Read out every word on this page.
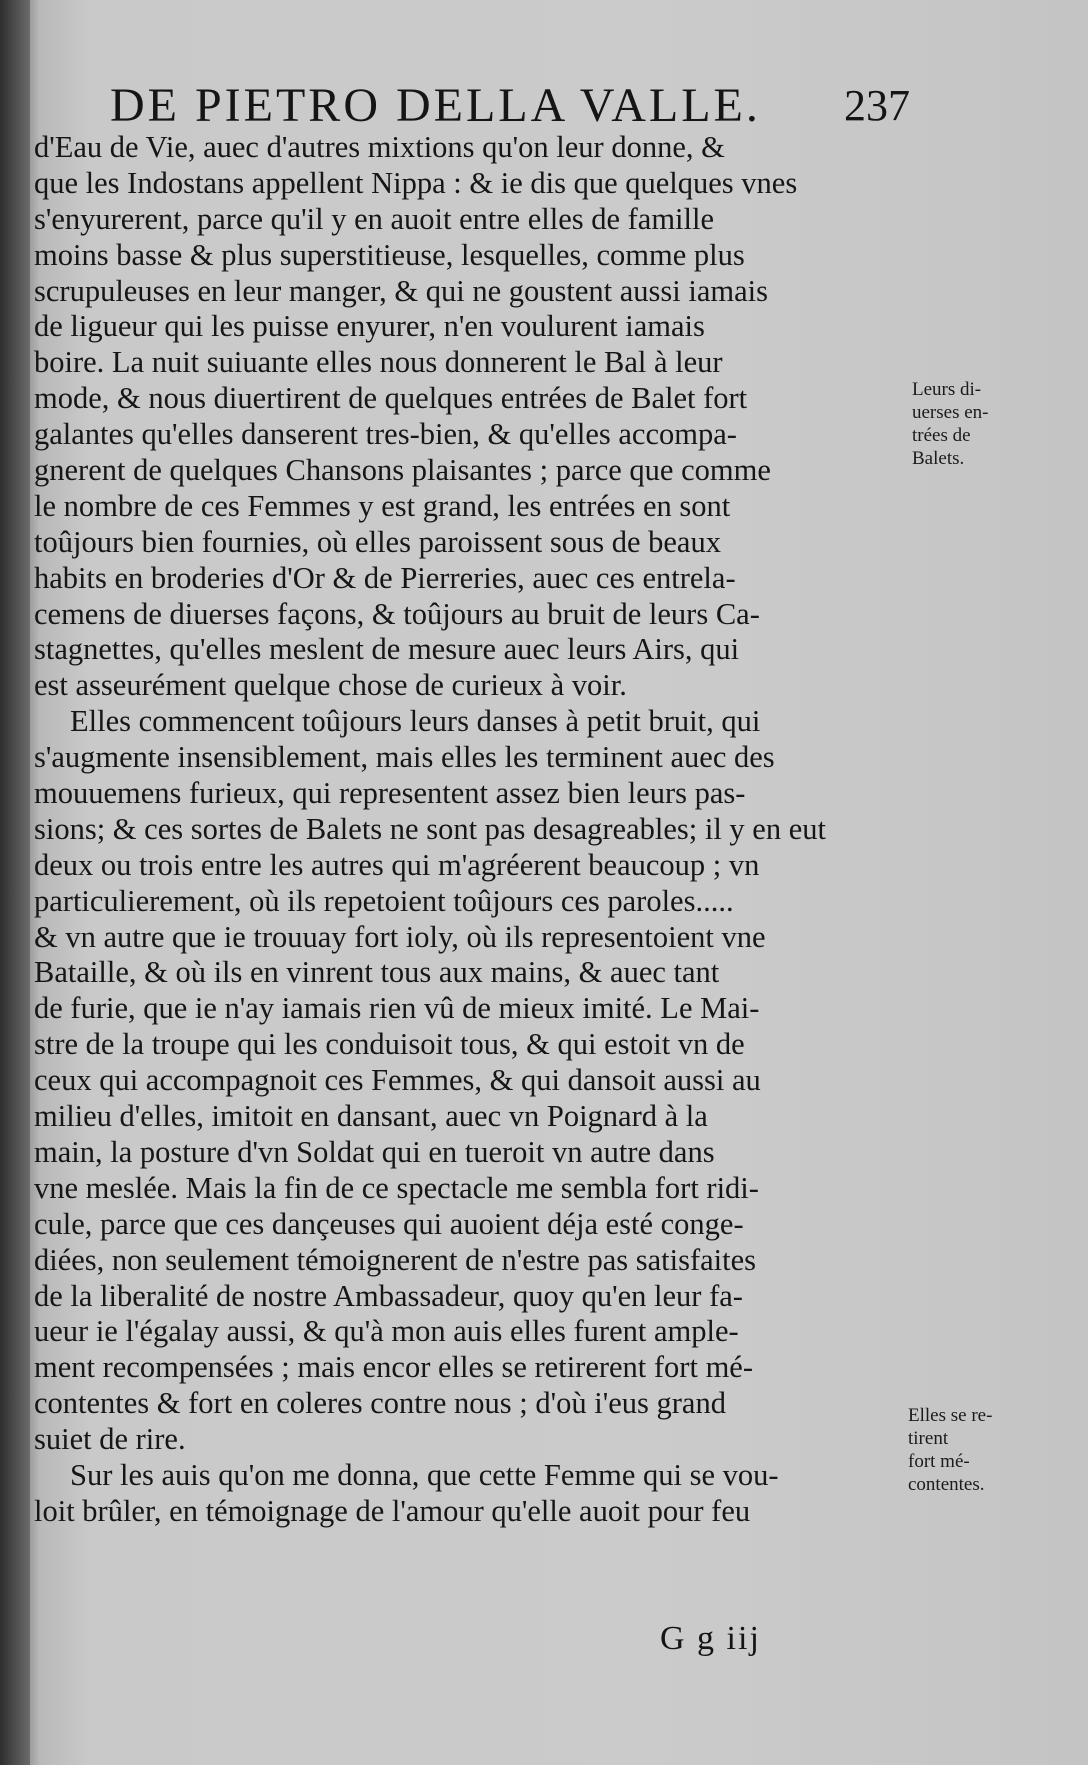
DE PIETRO DELLA VALLE. 237
d'Eau de Vie, auec d'autres mixtions qu'on leur donne, &
que les Indostans appellent Nippa : & ie dis que quelques vnes
s'enyurerent, parce qu'il y en auoit entre elles de famille
moins basse & plus superstitieuse, lesquelles, comme plus
scrupuleuses en leur manger, & qui ne goustent aussi iamais
de ligueur qui les puisse enyurer, n'en voulurent iamais
boire. La nuit suiuante elles nous donnerent le Bal à leur
mode, & nous diuertirent de quelques entrées de Balet fort
galantes qu'elles danserent tres-bien, & qu'elles accompa-
gnerent de quelques Chansons plaisantes ; parce que comme
le nombre de ces Femmes y est grand, les entrées en sont
toûjours bien fournies, où elles paroissent sous de beaux
habits en broderies d'Or & de Pierreries, auec ces entrela-
cemens de diuerses façons, & toûjours au bruit de leurs Ca-
stagnettes, qu'elles meslent de mesure auec leurs Airs, qui
est asseurément quelque chose de curieux à voir.
Elles commencent toûjours leurs danses à petit bruit, qui
s'augmente insensiblement, mais elles les terminent auec des
mouuemens furieux, qui representent assez bien leurs pas-
sions; & ces sortes de Balets ne sont pas desagreables; il y en eut
deux ou trois entre les autres qui m'agréerent beaucoup ; vn
particulierement, où ils repetoient toûjours ces paroles.....
& vn autre que ie trouuay fort ioly, où ils representoient vne
Bataille, & où ils en vinrent tous aux mains, & auec tant
de furie, que ie n'ay iamais rien vû de mieux imité. Le Mai-
stre de la troupe qui les conduisoit tous, & qui estoit vn de
ceux qui accompagnoit ces Femmes, & qui dansoit aussi au
milieu d'elles, imitoit en dansant, auec vn Poignard à la
main, la posture d'vn Soldat qui en tueroit vn autre dans
vne meslée. Mais la fin de ce spectacle me sembla fort ridi-
cule, parce que ces dançeuses qui auoient déja esté conge-
diées, non seulement témoignerent de n'estre pas satisfaites
de la liberalité de nostre Ambassadeur, quoy qu'en leur fa-
ueur ie l'égalay aussi, & qu'à mon auis elles furent ample-
ment recompensées ; mais encor elles se retirerent fort mé-
contentes & fort en coleres contre nous ; d'où i'eus grand
suiet de rire.
Sur les auis qu'on me donna, que cette Femme qui se vou-
loit brûler, en témoignage de l'amour qu'elle auoit pour feu
Leurs di-
uerses en-
trées de
Balets.
Elles se re-
tirent
fort mé-
contentes.
G g iij
